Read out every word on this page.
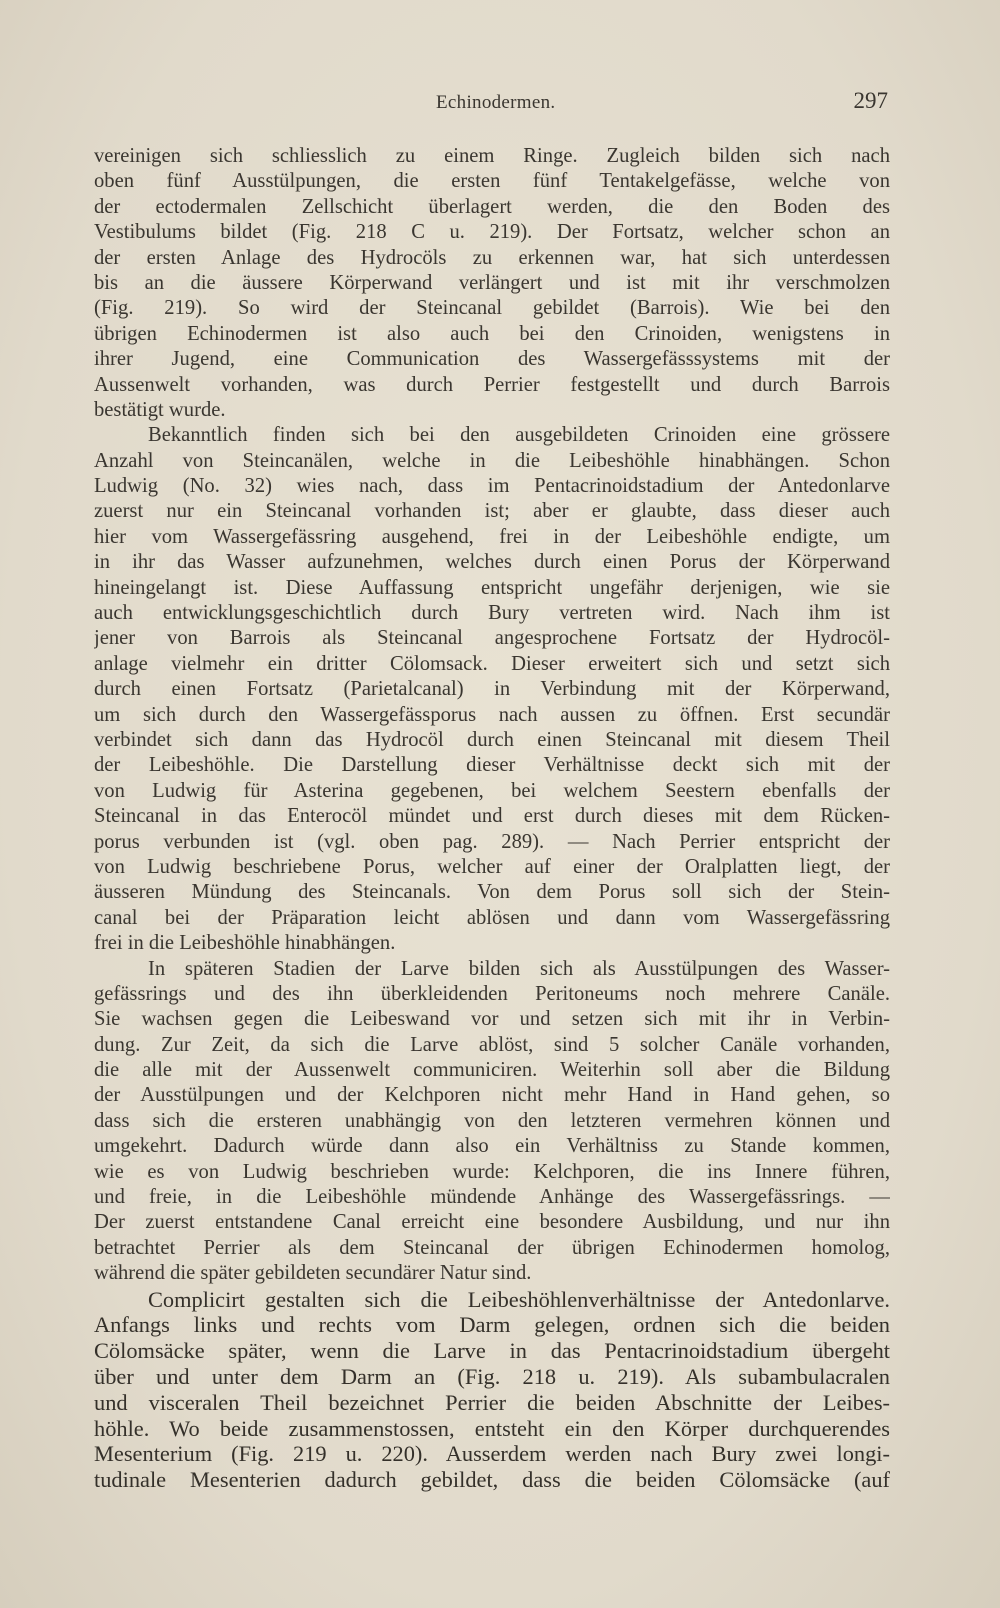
Echinodermen.	297
vereinigen sich schliesslich zu einem Ringe. Zugleich bilden sich nach
oben fünf Ausstülpungen, die ersten fünf Tentakelgefässe, welche von
der ectodermalen Zellschicht überlagert werden, die den Boden des
Vestibulums bildet (Fig. 218 C u. 219). Der Fortsatz, welcher schon an
der ersten Anlage des Hydrocöls zu erkennen war, hat sich unterdessen
bis an die äussere Körperwand verlängert und ist mit ihr verschmolzen
(Fig. 219). So wird der Steincanal gebildet (Barrois). Wie bei den
übrigen Echinodermen ist also auch bei den Crinoiden, wenigstens in
ihrer Jugend, eine Communication des Wassergefässsystems mit der
Aussenwelt vorhanden, was durch Perrier festgestellt und durch Barrois
bestätigt wurde.
Bekanntlich finden sich bei den ausgebildeten Crinoiden eine grössere
Anzahl von Steincanälen, welche in die Leibeshöhle hinabhängen. Schon
Ludwig (No. 32) wies nach, dass im Pentacrinoidstadium der Antedonlarve
zuerst nur ein Steincanal vorhanden ist; aber er glaubte, dass dieser auch
hier vom Wassergefässring ausgehend, frei in der Leibeshöhle endigte, um
in ihr das Wasser aufzunehmen, welches durch einen Porus der Körperwand
hineingelangt ist. Diese Auffassung entspricht ungefähr derjenigen, wie sie
auch entwicklungsgeschichtlich durch Bury vertreten wird. Nach ihm ist
jener von Barrois als Steincanal angesprochene Fortsatz der Hydrocöl-
anlage vielmehr ein dritter Cölomsack. Dieser erweitert sich und setzt sich
durch einen Fortsatz (Parietalcanal) in Verbindung mit der Körperwand,
um sich durch den Wassergefässporus nach aussen zu öffnen. Erst secundär
verbindet sich dann das Hydrocöl durch einen Steincanal mit diesem Theil
der Leibeshöhle. Die Darstellung dieser Verhältnisse deckt sich mit der
von Ludwig für Asterina gegebenen, bei welchem Seestern ebenfalls der
Steincanal in das Enterocöl mündet und erst durch dieses mit dem Rücken-
porus verbunden ist (vgl. oben pag. 289). — Nach Perrier entspricht der
von Ludwig beschriebene Porus, welcher auf einer der Oralplatten liegt, der
äusseren Mündung des Steincanals. Von dem Porus soll sich der Stein-
canal bei der Präparation leicht ablösen und dann vom Wassergefässring
frei in die Leibeshöhle hinabhängen.
In späteren Stadien der Larve bilden sich als Ausstülpungen des Wasser-
gefässrings und des ihn überkleidenden Peritoneums noch mehrere Canäle.
Sie wachsen gegen die Leibeswand vor und setzen sich mit ihr in Verbin-
dung. Zur Zeit, da sich die Larve ablöst, sind 5 solcher Canäle vorhanden,
die alle mit der Aussenwelt communiciren. Weiterhin soll aber die Bildung
der Ausstülpungen und der Kelchporen nicht mehr Hand in Hand gehen, so
dass sich die ersteren unabhängig von den letzteren vermehren können und
umgekehrt. Dadurch würde dann also ein Verhältniss zu Stande kommen,
wie es von Ludwig beschrieben wurde: Kelchporen, die ins Innere führen,
und freie, in die Leibeshöhle mündende Anhänge des Wassergefässrings. —
Der zuerst entstandene Canal erreicht eine besondere Ausbildung, und nur ihn
betrachtet Perrier als dem Steincanal der übrigen Echinodermen homolog,
während die später gebildeten secundärer Natur sind.
Complicirt gestalten sich die Leibeshöhlenverhältnisse der Antedonlarve.
Anfangs links und rechts vom Darm gelegen, ordnen sich die beiden
Cölomsäcke später, wenn die Larve in das Pentacrinoidstadium übergeht
über und unter dem Darm an (Fig. 218 u. 219). Als subambulacralen
und visceralen Theil bezeichnet Perrier die beiden Abschnitte der Leibes-
höhle. Wo beide zusammenstossen, entsteht ein den Körper durchquerendes
Mesenterium (Fig. 219 u. 220). Ausserdem werden nach Bury zwei longi-
tudinale Mesenterien dadurch gebildet, dass die beiden Cölomsäcke (auf
